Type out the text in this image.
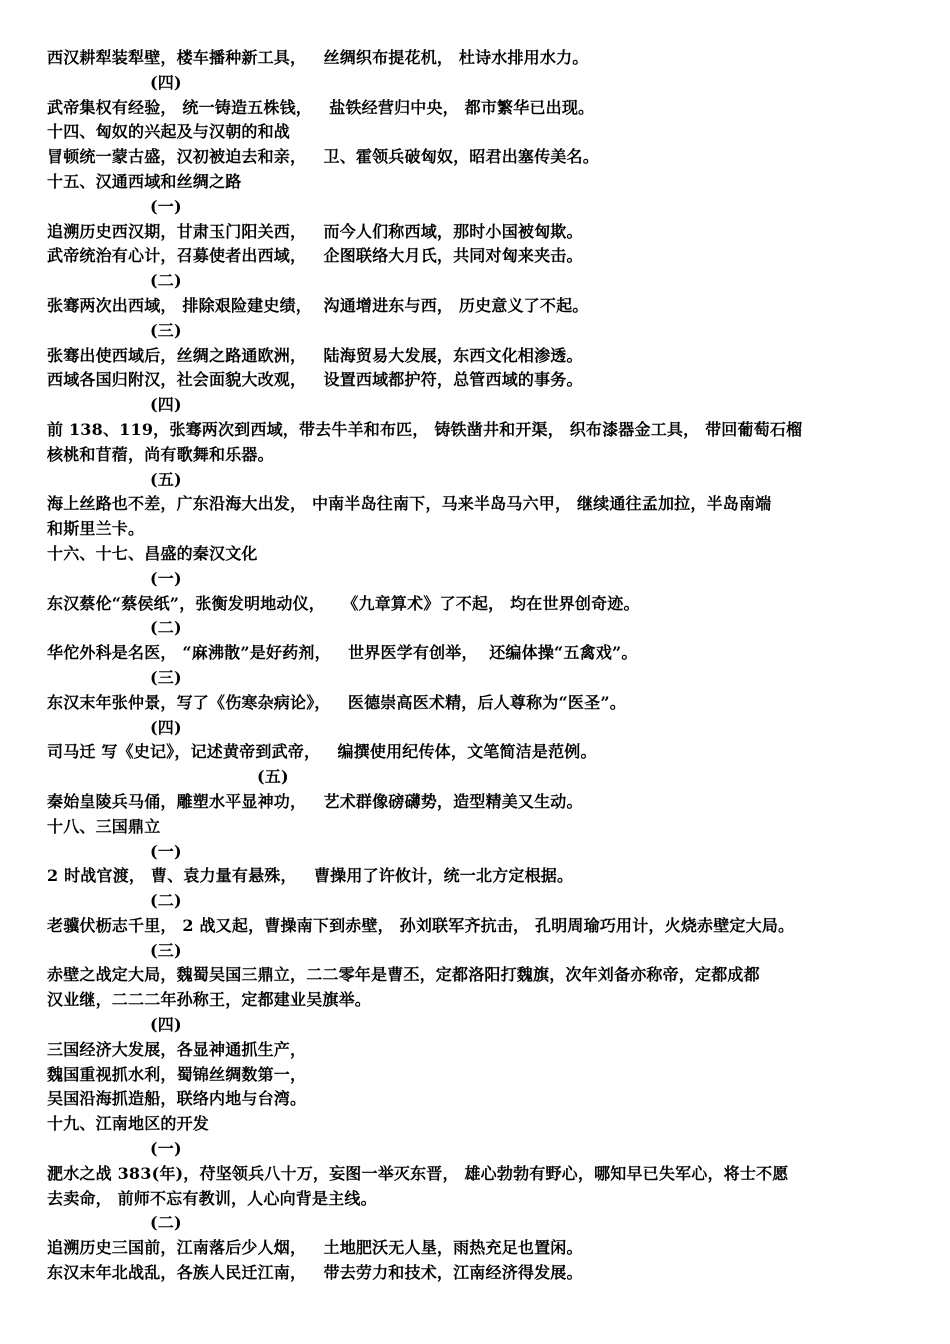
西汉耕犁装犁壁，楼车播种新工具，   丝绸织布提花机， 杜诗水排用水力。
(四)
武帝集权有经验， 统一铸造五株钱，   盐铁经营归中央， 都市繁华已出现。
十四、匈奴的兴起及与汉朝的和战
冒顿统一蒙古盛，汉初被迫去和亲，   卫、霍领兵破匈奴，昭君出塞传美名。
十五、汉通西域和丝绸之路
(一)
追溯历史西汉期，甘肃玉门阳关西，   而今人们称西域，那时小国被匈欺。
武帝统治有心计，召募使者出西域，   企图联络大月氏，共同对匈来夹击。
(二)
张骞两次出西域， 排除艰险建史绩，  沟通增进东与西， 历史意义了不起。
(三)
张骞出使西域后，丝绸之路通欧洲，   陆海贸易大发展，东西文化相渗透。
西域各国归附汉，社会面貌大改观，   设置西域都护符，总管西域的事务。
(四)
前 138、119，张骞两次到西域，带去牛羊和布匹， 铸铁凿井和开渠， 织布漆器金工具， 带回葡萄石榴
核桃和苜蓿，尚有歌舞和乐器。
(五)
海上丝路也不差，广东沿海大出发， 中南半岛往南下，马来半岛马六甲， 继续通往孟加拉，半岛南端
和斯里兰卡。
十六、十七、昌盛的秦汉文化
(一)
东汉蔡伦“蔡侯纸”，张衡发明地动仪，   《九章算术》了不起， 均在世界创奇迹。
(二)
华佗外科是名医， “麻沸散”是好药剂，   世界医学有创举，  还编体操“五禽戏”。
(三)
东汉末年张仲景，写了《伤寒杂病论》，   医德崇高医术精，后人尊称为“医圣”。
(四)
司马迁 写《史记》，记述黄帝到武帝，   编撰使用纪传体，文笔简洁是范例。
(五)
秦始皇陵兵马俑，雕塑水平显神功，   艺术群像磅礴势，造型精美又生动。
十八、三国鼎立
(一)
2 时战官渡， 曹、袁力量有悬殊，   曹操用了许攸计，统一北方定根据。
(二)
老骥伏枥志千里， 2 战又起，曹操南下到赤壁， 孙刘联军齐抗击， 孔明周瑜巧用计，火烧赤壁定大局。
(三)
赤壁之战定大局，魏蜀吴国三鼎立，二二零年是曹丕，定都洛阳打魏旗，次年刘备亦称帝，定都成都
汉业继，二二二年孙称王，定都建业吴旗举。
(四)
三国经济大发展，各显神通抓生产，
魏国重视抓水利，蜀锦丝绸数第一，
吴国沿海抓造船，联络内地与台湾。
十九、江南地区的开发
(一)
淝水之战 383(年)，苻坚领兵八十万，妄图一举灭东晋， 雄心勃勃有野心，哪知早已失军心，将士不愿
去卖命， 前师不忘有教训，人心向背是主线。
(二)
追溯历史三国前，江南落后少人烟，   土地肥沃无人垦，雨热充足也置闲。
东汉末年北战乱，各族人民迁江南，   带去劳力和技术，江南经济得发展。
